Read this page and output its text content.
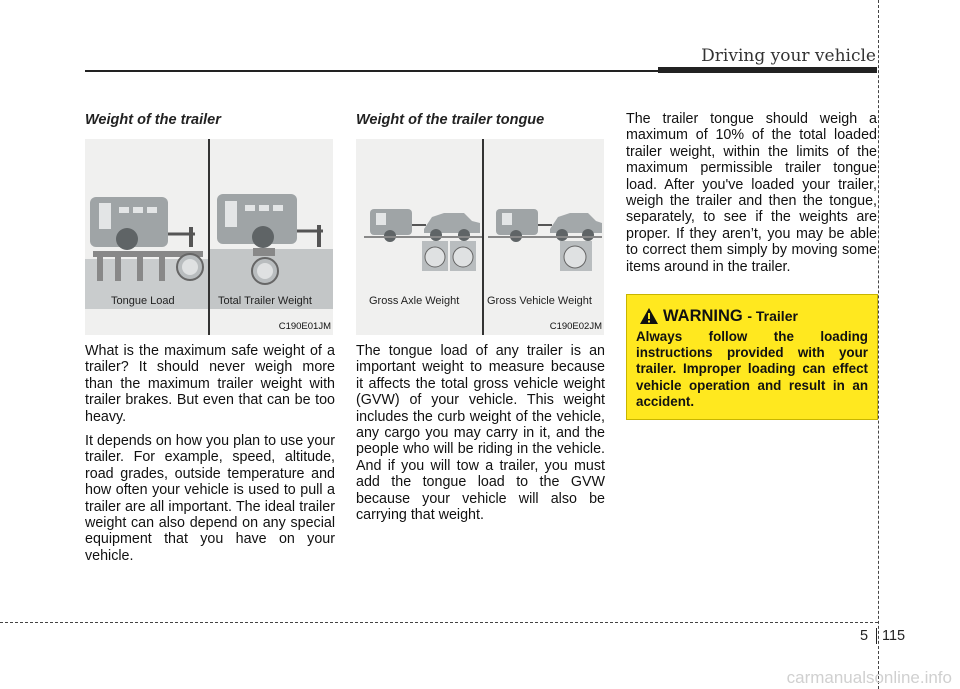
Driving your vehicle
Weight of the trailer
Tongue Load	Total Trailer Weight
C190E01JM

What is the maximum safe weight of a trailer? It should never weigh more than the maximum trailer weight with trailer brakes. But even that can be too heavy.

It depends on how you plan to use your trailer. For example, speed, altitude, road grades, outside temperature and how often your vehicle is used to pull a trailer are all important. The ideal trailer weight can also depend on any special equipment that you have on your vehicle.

Weight of the trailer tongue
Gross Axle Weight	Gross Vehicle Weight
C190E02JM

The tongue load of any trailer is an important weight to measure because it affects the total gross vehicle weight (GVW) of your vehicle. This weight includes the curb weight of the vehicle, any cargo you may carry in it, and the people who will be riding in the vehicle. And if you will tow a trailer, you must add the tongue load to the GVW because your vehicle will also be carrying that weight.

The trailer tongue should weigh a maximum of 10% of the total loaded trailer weight, within the limits of the maximum permissible trailer tongue load. After you've loaded your trailer, weigh the trailer and then the tongue, separately, to see if the weights are proper. If they aren’t, you may be able to correct them simply by moving some items around in the trailer.

WARNING - Trailer
Always follow the loading instructions provided with your trailer. Improper loading can effect vehicle operation and result in an accident.
5 115
carmanualsonline.info
